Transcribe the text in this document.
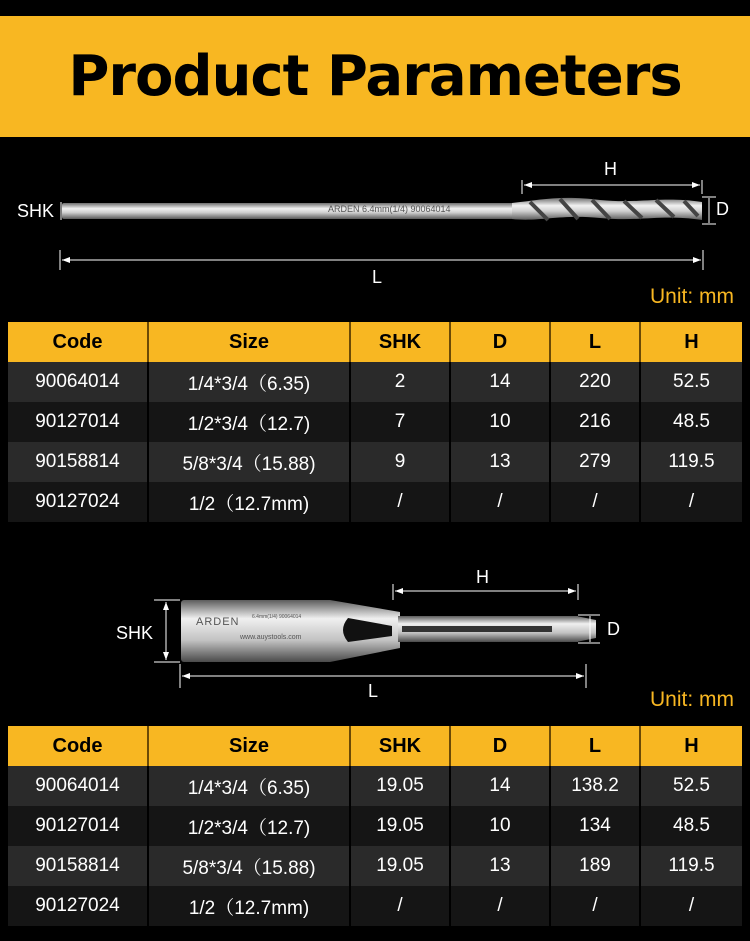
Product Parameters
ARDEN 6.4mm(1/4) 90064014
H
SHK	D
L
Unit: mm
Code	Size	SHK	D	L	H
90064014	1/4*3/4（6.35)	2	14	220	52.5
90127014	1/2*3/4（12.7)	7	10	216	48.5
90158814	5/8*3/4（15.88)	9	13	279	119.5
90127024	1/2（12.7mm)	/	/	/	/
ARDEN 6.4mm(1/4) 90064014
www.auystools.com
H
SHK	D
L	Unit: mm
Code	Size	SHK	D	L	H
90064014	1/4*3/4（6.35)	19.05	14	138.2	52.5
90127014	1/2*3/4（12.7)	19.05	10	134	48.5
90158814	5/8*3/4（15.88)	19.05	13	189	119.5
90127024	1/2（12.7mm)	/	/	/	/
